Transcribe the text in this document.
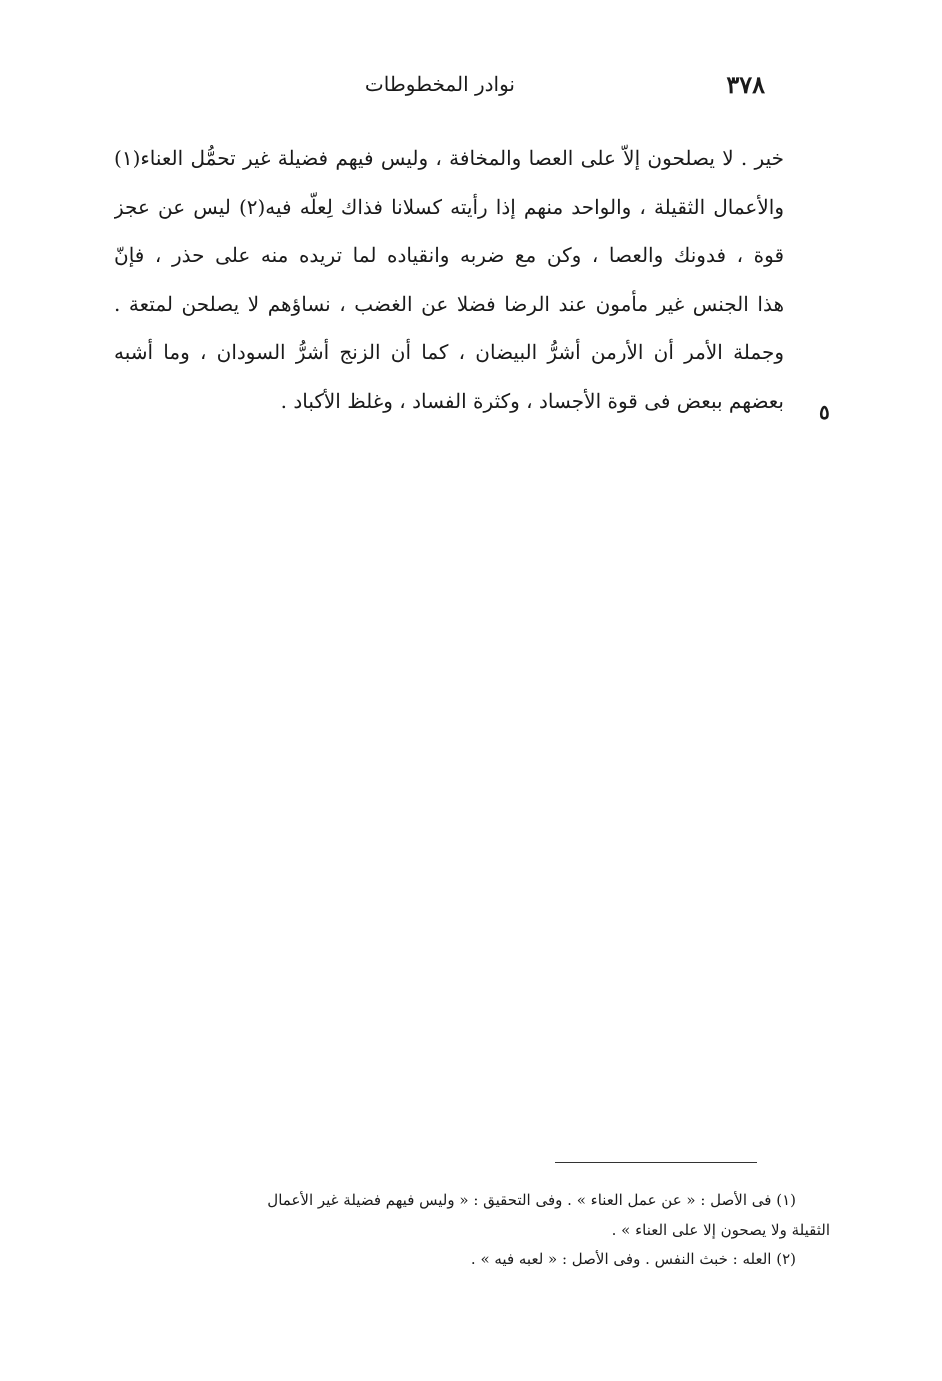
٣٧٨
نوادر المخطوطات
خير . لا يصلحون إلاّ على العصا والمخافة ، وليس فيهم فضيلة غير تحمُّل العناء(١)
والأعمال الثقيلة ، والواحد منهم إذا رأيته كسلانا فذاك لِعلّه فيه(٢) ليس عن عجز
قوة ، فدونك والعصا ، وكن مع ضربه وانقياده لما تريده منه على حذر ، فإنّ
هذا الجنس غير مأمون عند الرضا فضلا عن الغضب ، نساؤهم لا يصلحن لمتعة .
وجملة الأمر أن الأرمن أشرُّ البيضان ، كما أن الزنج أشرُّ السودان ، وما أشبه
بعضهم ببعض فى قوة الأجساد ، وكثرة الفساد ، وغلظ الأكباد . ٥
(١) فى الأصل : « عن عمل العناء » . وفى التحقيق : « وليس فيهم فضيلة غير الأعمال
الثقيلة ولا يصحون إلا على العناء » .
(٢) العله : خبث النفس . وفى الأصل : « لعبه فيه » .
